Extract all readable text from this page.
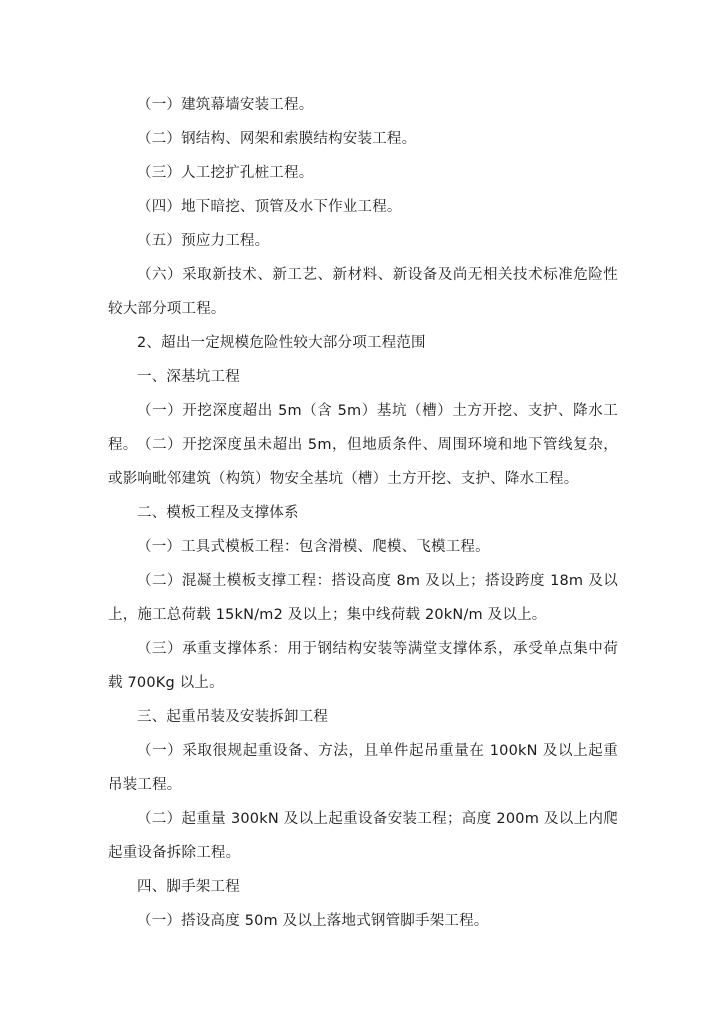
（一）建筑幕墙安装工程。

（二）钢结构、网架和索膜结构安装工程。

（三）人工挖扩孔桩工程。

（四）地下暗挖、顶管及水下作业工程。

（五）预应力工程。

（六）采取新技术、新工艺、新材料、新设备及尚无相关技术标准危险性较大部分项工程。

2、超出一定规模危险性较大部分项工程范围

一、深基坑工程

（一）开挖深度超出 5m（含 5m）基坑（槽）土方开挖、支护、降水工程。 （二）开挖深度虽未超出 5m，但地质条件、周围环境和地下管线复杂，或影响毗邻建筑（构筑）物安全基坑（槽）土方开挖、支护、降水工程。

二、模板工程及支撑体系

（一）工具式模板工程：包含滑模、爬模、飞模工程。

（二）混凝土模板支撑工程：搭设高度 8m 及以上；搭设跨度 18m 及以上，施工总荷载 15kN/m2 及以上；集中线荷载 20kN/m 及以上。

（三）承重支撑体系：用于钢结构安装等满堂支撑体系，承受单点集中荷载 700Kg 以上。

三、起重吊装及安装拆卸工程

（一）采取很规起重设备、方法，且单件起吊重量在 100kN 及以上起重吊装工程。

（二）起重量 300kN 及以上起重设备安装工程；高度 200m 及以上内爬起重设备拆除工程。

四、脚手架工程

（一）搭设高度 50m 及以上落地式钢管脚手架工程。
